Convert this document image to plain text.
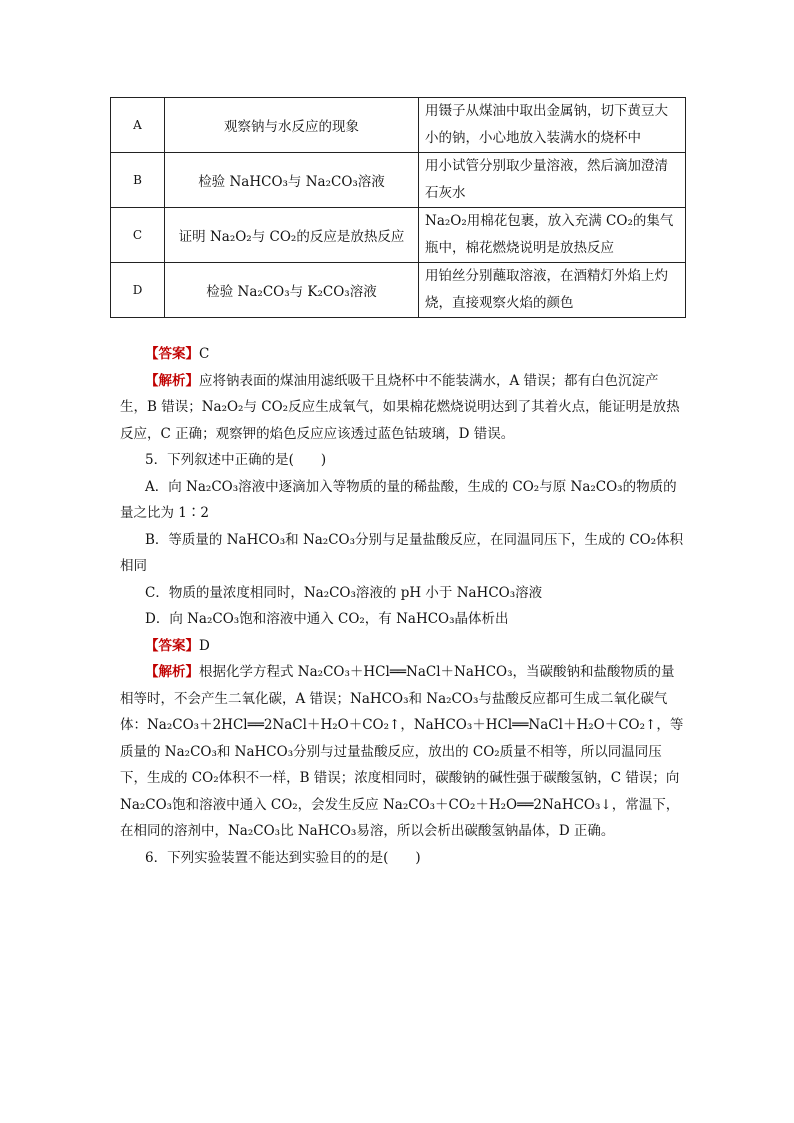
A	观察钠与水反应的现象	用镊子从煤油中取出金属钠，切下黄豆大小的钠，小心地放入装满水的烧杯中
B	检验 NaHCO₃与 Na₂CO₃溶液	用小试管分别取少量溶液，然后滴加澄清石灰水
C	证明 Na₂O₂与 CO₂的反应是放热反应	Na₂O₂用棉花包裹，放入充满 CO₂的集气瓶中，棉花燃烧说明是放热反应
D	检验 Na₂CO₃与 K₂CO₃溶液	用铂丝分别蘸取溶液，在酒精灯外焰上灼烧，直接观察火焰的颜色

【答案】C

【解析】应将钠表面的煤油用滤纸吸干且烧杯中不能装满水，A 错误；都有白色沉淀产生，B 错误；Na₂O₂与 CO₂反应生成氧气，如果棉花燃烧说明达到了其着火点，能证明是放热反应，C 正确；观察钾的焰色反应应该透过蓝色钴玻璃，D 错误。

5．下列叙述中正确的是(　　)

A．向 Na₂CO₃溶液中逐滴加入等物质的量的稀盐酸，生成的 CO₂与原 Na₂CO₃的物质的量之比为 1∶2

B．等质量的 NaHCO₃和 Na₂CO₃分别与足量盐酸反应，在同温同压下，生成的 CO₂体积相同

C．物质的量浓度相同时，Na₂CO₃溶液的 pH 小于 NaHCO₃溶液

D．向 Na₂CO₃饱和溶液中通入 CO₂，有 NaHCO₃晶体析出

【答案】D

【解析】根据化学方程式 Na₂CO₃＋HCl══NaCl＋NaHCO₃，当碳酸钠和盐酸物质的量相等时，不会产生二氧化碳，A 错误；NaHCO₃和 Na₂CO₃与盐酸反应都可生成二氧化碳气体：Na₂CO₃＋2HCl══2NaCl＋H₂O＋CO₂↑，NaHCO₃＋HCl══NaCl＋H₂O＋CO₂↑，等质量的 Na₂CO₃和 NaHCO₃分别与过量盐酸反应，放出的 CO₂质量不相等，所以同温同压下，生成的 CO₂体积不一样，B 错误；浓度相同时，碳酸钠的碱性强于碳酸氢钠，C 错误；向 Na₂CO₃饱和溶液中通入 CO₂，会发生反应 Na₂CO₃＋CO₂＋H₂O══2NaHCO₃↓，常温下，在相同的溶剂中，Na₂CO₃比 NaHCO₃易溶，所以会析出碳酸氢钠晶体，D 正确。

6．下列实验装置不能达到实验目的的是(　　)
